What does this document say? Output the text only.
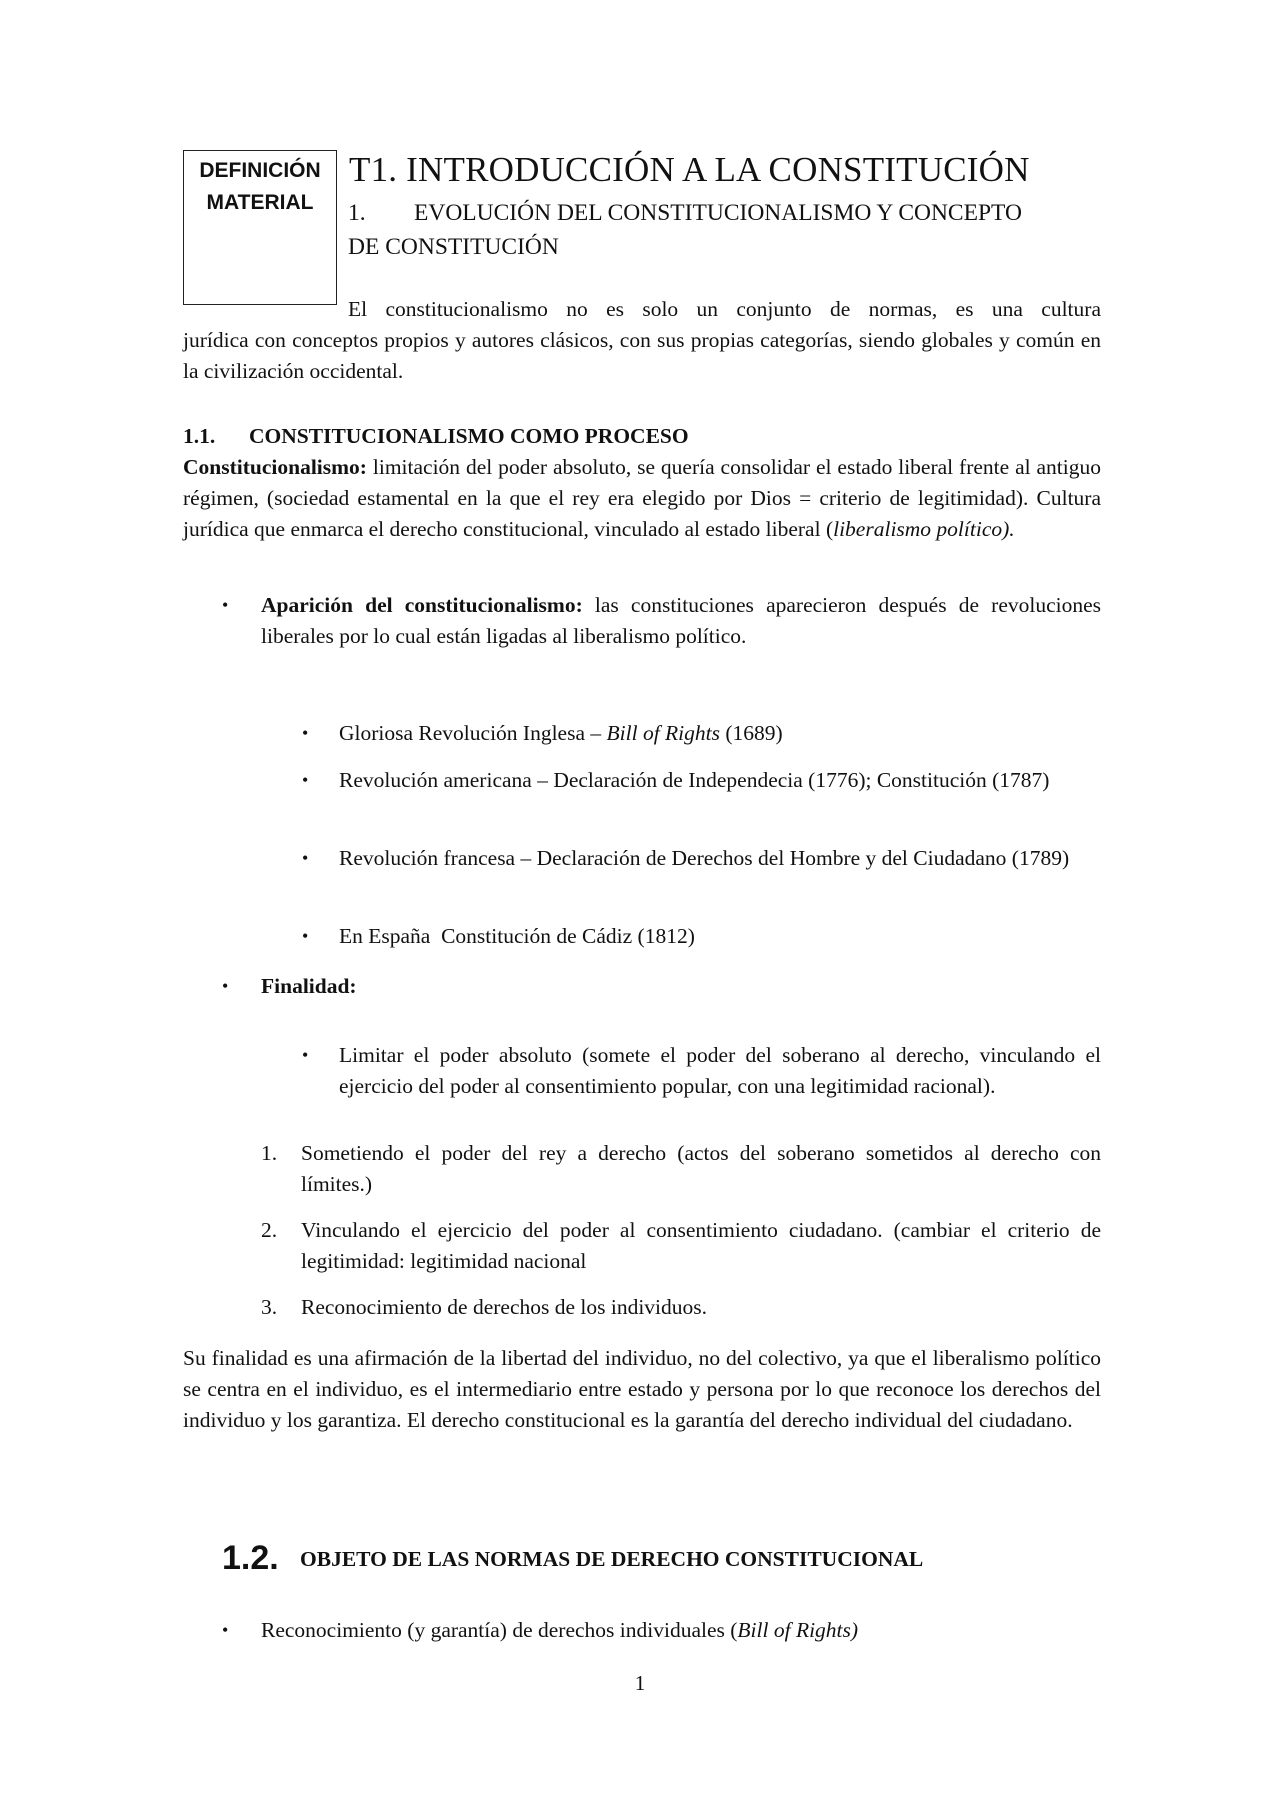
DEFINICIÓN
MATERIAL
T1. INTRODUCCIÓN A LA CONSTITUCIÓN
1. EVOLUCIÓN DEL CONSTITUCIONALISMO Y CONCEPTO
DE CONSTITUCIÓN
El constitucionalismo no es solo un conjunto de normas, es una cultura
jurídica con conceptos propios y autores clásicos, con sus propias categorías, siendo globales y común en la civilización occidental.
1.1. CONSTITUCIONALISMO COMO PROCESO
Constitucionalismo: limitación del poder absoluto, se quería consolidar el estado liberal frente al antiguo régimen, (sociedad estamental en la que el rey era elegido por Dios = criterio de legitimidad). Cultura jurídica que enmarca el derecho constitucional, vinculado al estado liberal (liberalismo político).
• Aparición del constitucionalismo: las constituciones aparecieron después de revoluciones liberales por lo cual están ligadas al liberalismo político.
• Gloriosa Revolución Inglesa – Bill of Rights (1689)
• Revolución americana – Declaración de Independecia (1776); Constitución (1787)
• Revolución francesa – Declaración de Derechos del Hombre y del Ciudadano (1789)
• En España  Constitución de Cádiz (1812)
• Finalidad:
• Limitar el poder absoluto (somete el poder del soberano al derecho, vinculando el ejercicio del poder al consentimiento popular, con una legitimidad racional).
1. Sometiendo el poder del rey a derecho (actos del soberano sometidos al derecho con límites.)
2. Vinculando el ejercicio del poder al consentimiento ciudadano. (cambiar el criterio de legitimidad: legitimidad nacional
3. Reconocimiento de derechos de los individuos.
Su finalidad es una afirmación de la libertad del individuo, no del colectivo, ya que el liberalismo político se centra en el individuo, es el intermediario entre estado y persona por lo que reconoce los derechos del individuo y los garantiza. El derecho constitucional es la garantía del derecho individual del ciudadano.
1.2. OBJETO DE LAS NORMAS DE DERECHO CONSTITUCIONAL
• Reconocimiento (y garantía) de derechos individuales (Bill of Rights)
1
